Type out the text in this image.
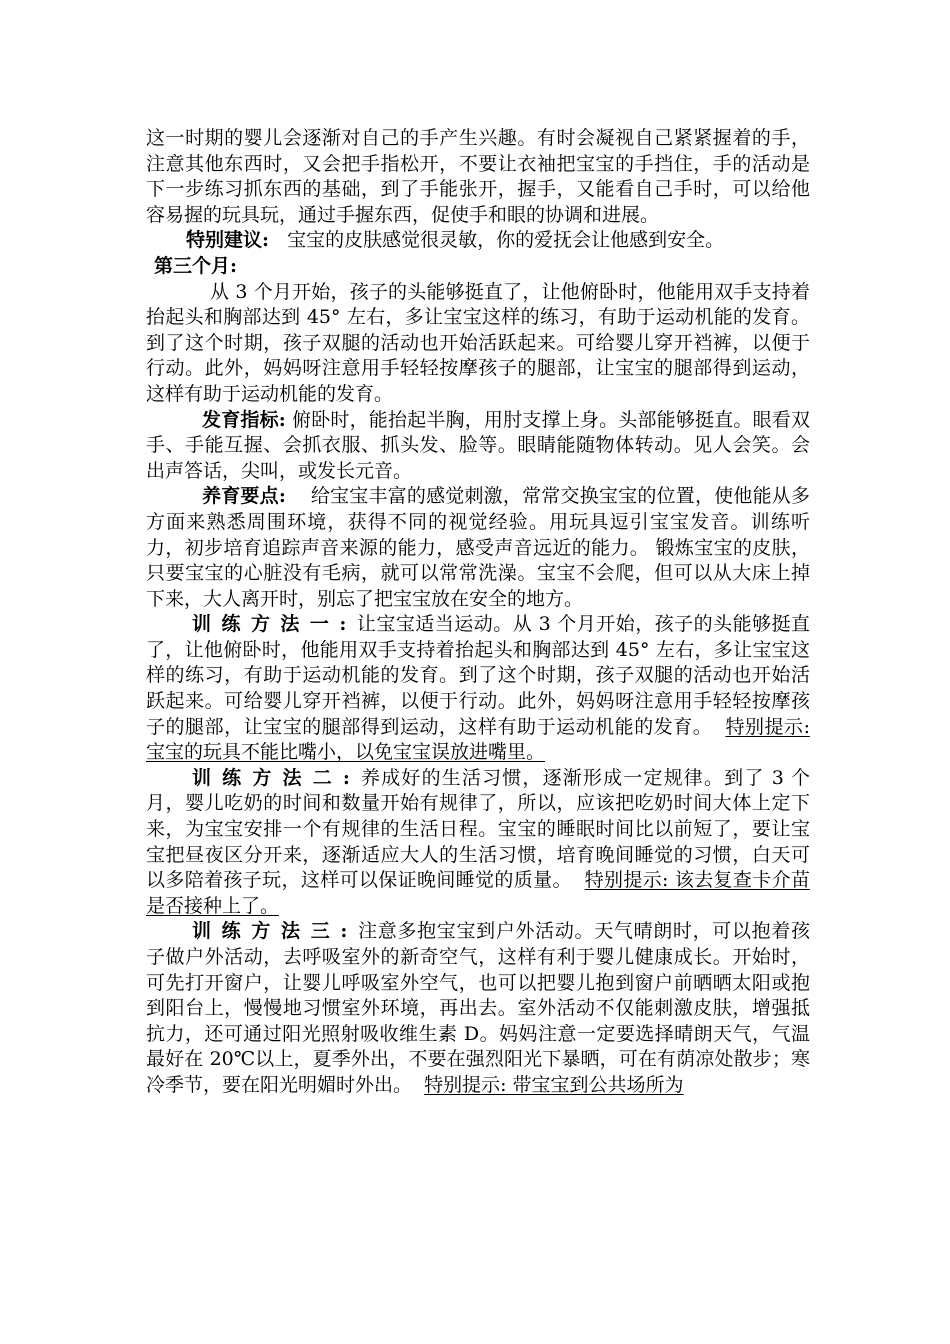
这一时期的婴儿会逐渐对自己的手产生兴趣。有时会凝视自己紧紧握着的手，注意其他东西时，又会把手指松开，不要让衣袖把宝宝的手挡住，手的活动是下一步练习抓东西的基础，到了手能张开，握手，又能看自己手时，可以给他容易握的玩具玩，通过手握东西，促使手和眼的协调和进展。

特别建议: 宝宝的皮肤感觉很灵敏，你的爱抚会让他感到安全。

第三个月:

从 3 个月开始，孩子的头能够挺直了，让他俯卧时，他能用双手支持着抬起头和胸部达到 45° 左右，多让宝宝这样的练习，有助于运动机能的发育。到了这个时期，孩子双腿的活动也开始活跃起来。可给婴儿穿开裆裤，以便于行动。此外，妈妈呀注意用手轻轻按摩孩子的腿部，让宝宝的腿部得到运动，这样有助于运动机能的发育。

发育指标: 俯卧时，能抬起半胸，用肘支撑上身。头部能够挺直。眼看双手、手能互握、会抓衣服、抓头发、脸等。眼睛能随物体转动。见人会笑。会出声答话，尖叫，或发长元音。

养育要点: 给宝宝丰富的感觉刺激，常常交换宝宝的位置，使他能从多方面来熟悉周围环境，获得不同的视觉经验。用玩具逗引宝宝发音。训练听力，初步培育追踪声音来源的能力，感受声音远近的能力。 锻炼宝宝的皮肤，只要宝宝的心脏没有毛病，就可以常常洗澡。宝宝不会爬，但可以从大床上掉下来，大人离开时，别忘了把宝宝放在安全的地方。

训练方法一:让宝宝适当运动。从 3 个月开始，孩子的头能够挺直了，让他俯卧时，他能用双手支持着抬起头和胸部达到 45° 左右，多让宝宝这样的练习，有助于运动机能的发育。到了这个时期，孩子双腿的活动也开始活跃起来。可给婴儿穿开裆裤，以便于行动。此外，妈妈呀注意用手轻轻按摩孩子的腿部，让宝宝的腿部得到运动，这样有助于运动机能的发育。 特别提示: 宝宝的玩具不能比嘴小，以免宝宝误放进嘴里。

训练方法二:养成好的生活习惯，逐渐形成一定规律。到了 3 个月，婴儿吃奶的时间和数量开始有规律了，所以，应该把吃奶时间大体上定下来，为宝宝安排一个有规律的生活日程。宝宝的睡眠时间比以前短了，要让宝宝把昼夜区分开来，逐渐适应大人的生活习惯，培育晚间睡觉的习惯，白天可以多陪着孩子玩，这样可以保证晚间睡觉的质量。 特别提示: 该去复查卡介苗是否接种上了。

训练方法三:注意多抱宝宝到户外活动。天气晴朗时，可以抱着孩子做户外活动，去呼吸室外的新奇空气，这样有利于婴儿健康成长。开始时，可先打开窗户，让婴儿呼吸室外空气，也可以把婴儿抱到窗户前晒晒太阳或抱到阳台上，慢慢地习惯室外环境，再出去。室外活动不仅能刺激皮肤，增强抵抗力，还可通过阳光照射吸收维生素 D。妈妈注意一定要选择晴朗天气，气温最好在 20℃以上，夏季外出，不要在强烈阳光下暴晒，可在有荫凉处散步；寒冷季节，要在阳光明媚时外出。 特别提示: 带宝宝到公共场所为
